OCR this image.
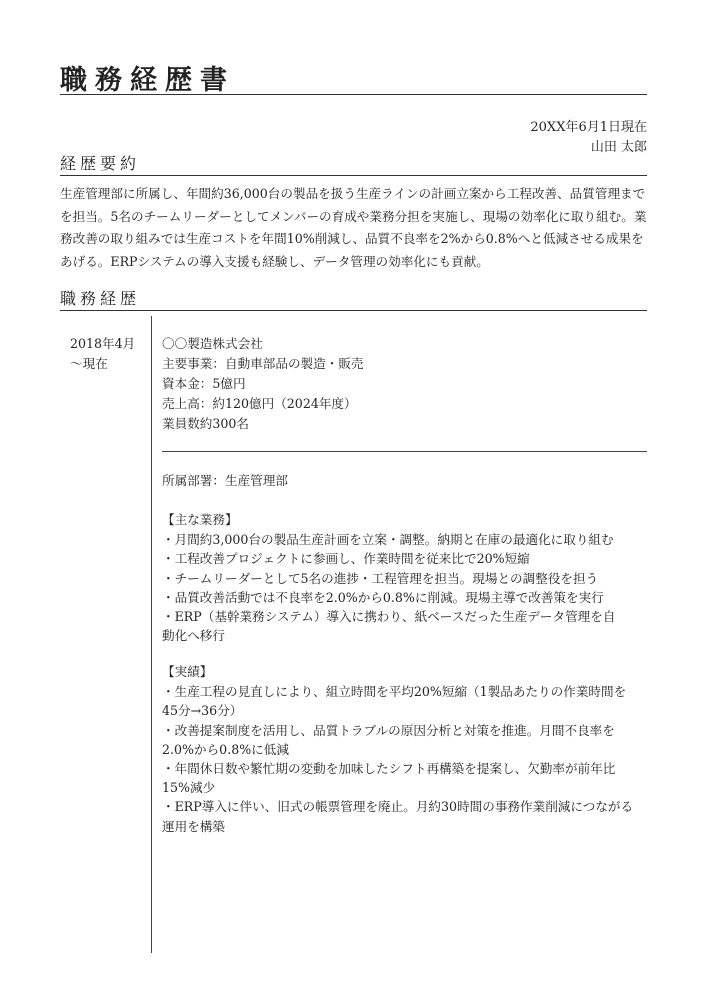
職務経歴書
20XX年6月1日現在
山田 太郎
経歴要約

生産管理部に所属し、年間約36,000台の製品を扱う生産ラインの計画立案から工程改善、品質管理までを担当。5名のチームリーダーとしてメンバーの育成や業務分担を実施し、現場の効率化に取り組む。業務改善の取り組みでは生産コストを年間10%削減し、品質不良率を2%から0.8%へと低減させる成果をあげる。ERPシステムの導入支援も経験し、データ管理の効率化にも貢献。

職務経歴
2018年4月
～現在
〇〇製造株式会社
主要事業：自動車部品の製造・販売
資本金：5億円
売上高：約120億円（2024年度）
業員数約300名
所属部署：生産管理部
【主な業務】

・月間約3,000台の製品生産計画を立案・調整。納期と在庫の最適化に取り組む

・工程改善プロジェクトに参画し、作業時間を従来比で20%短縮

・チームリーダーとして5名の進捗・工程管理を担当。現場との調整役を担う

・品質改善活動では不良率を2.0%から0.8%に削減。現場主導で改善策を実行

・ERP（基幹業務システム）導入に携わり、紙ベースだった生産データ管理を自　動化へ移行

【実績】

・生産工程の見直しにより、組立時間を平均20%短縮（1製品あたりの作業時間を45分→36分）

・改善提案制度を活用し、品質トラブルの原因分析と対策を推進。月間不良率を2.0%から0.8%に低減

・年間休日数や繁忙期の変動を加味したシフト再構築を提案し、欠勤率が前年比15%減少

・ERP導入に伴い、旧式の帳票管理を廃止。月約30時間の事務作業削減につながる運用を構築
